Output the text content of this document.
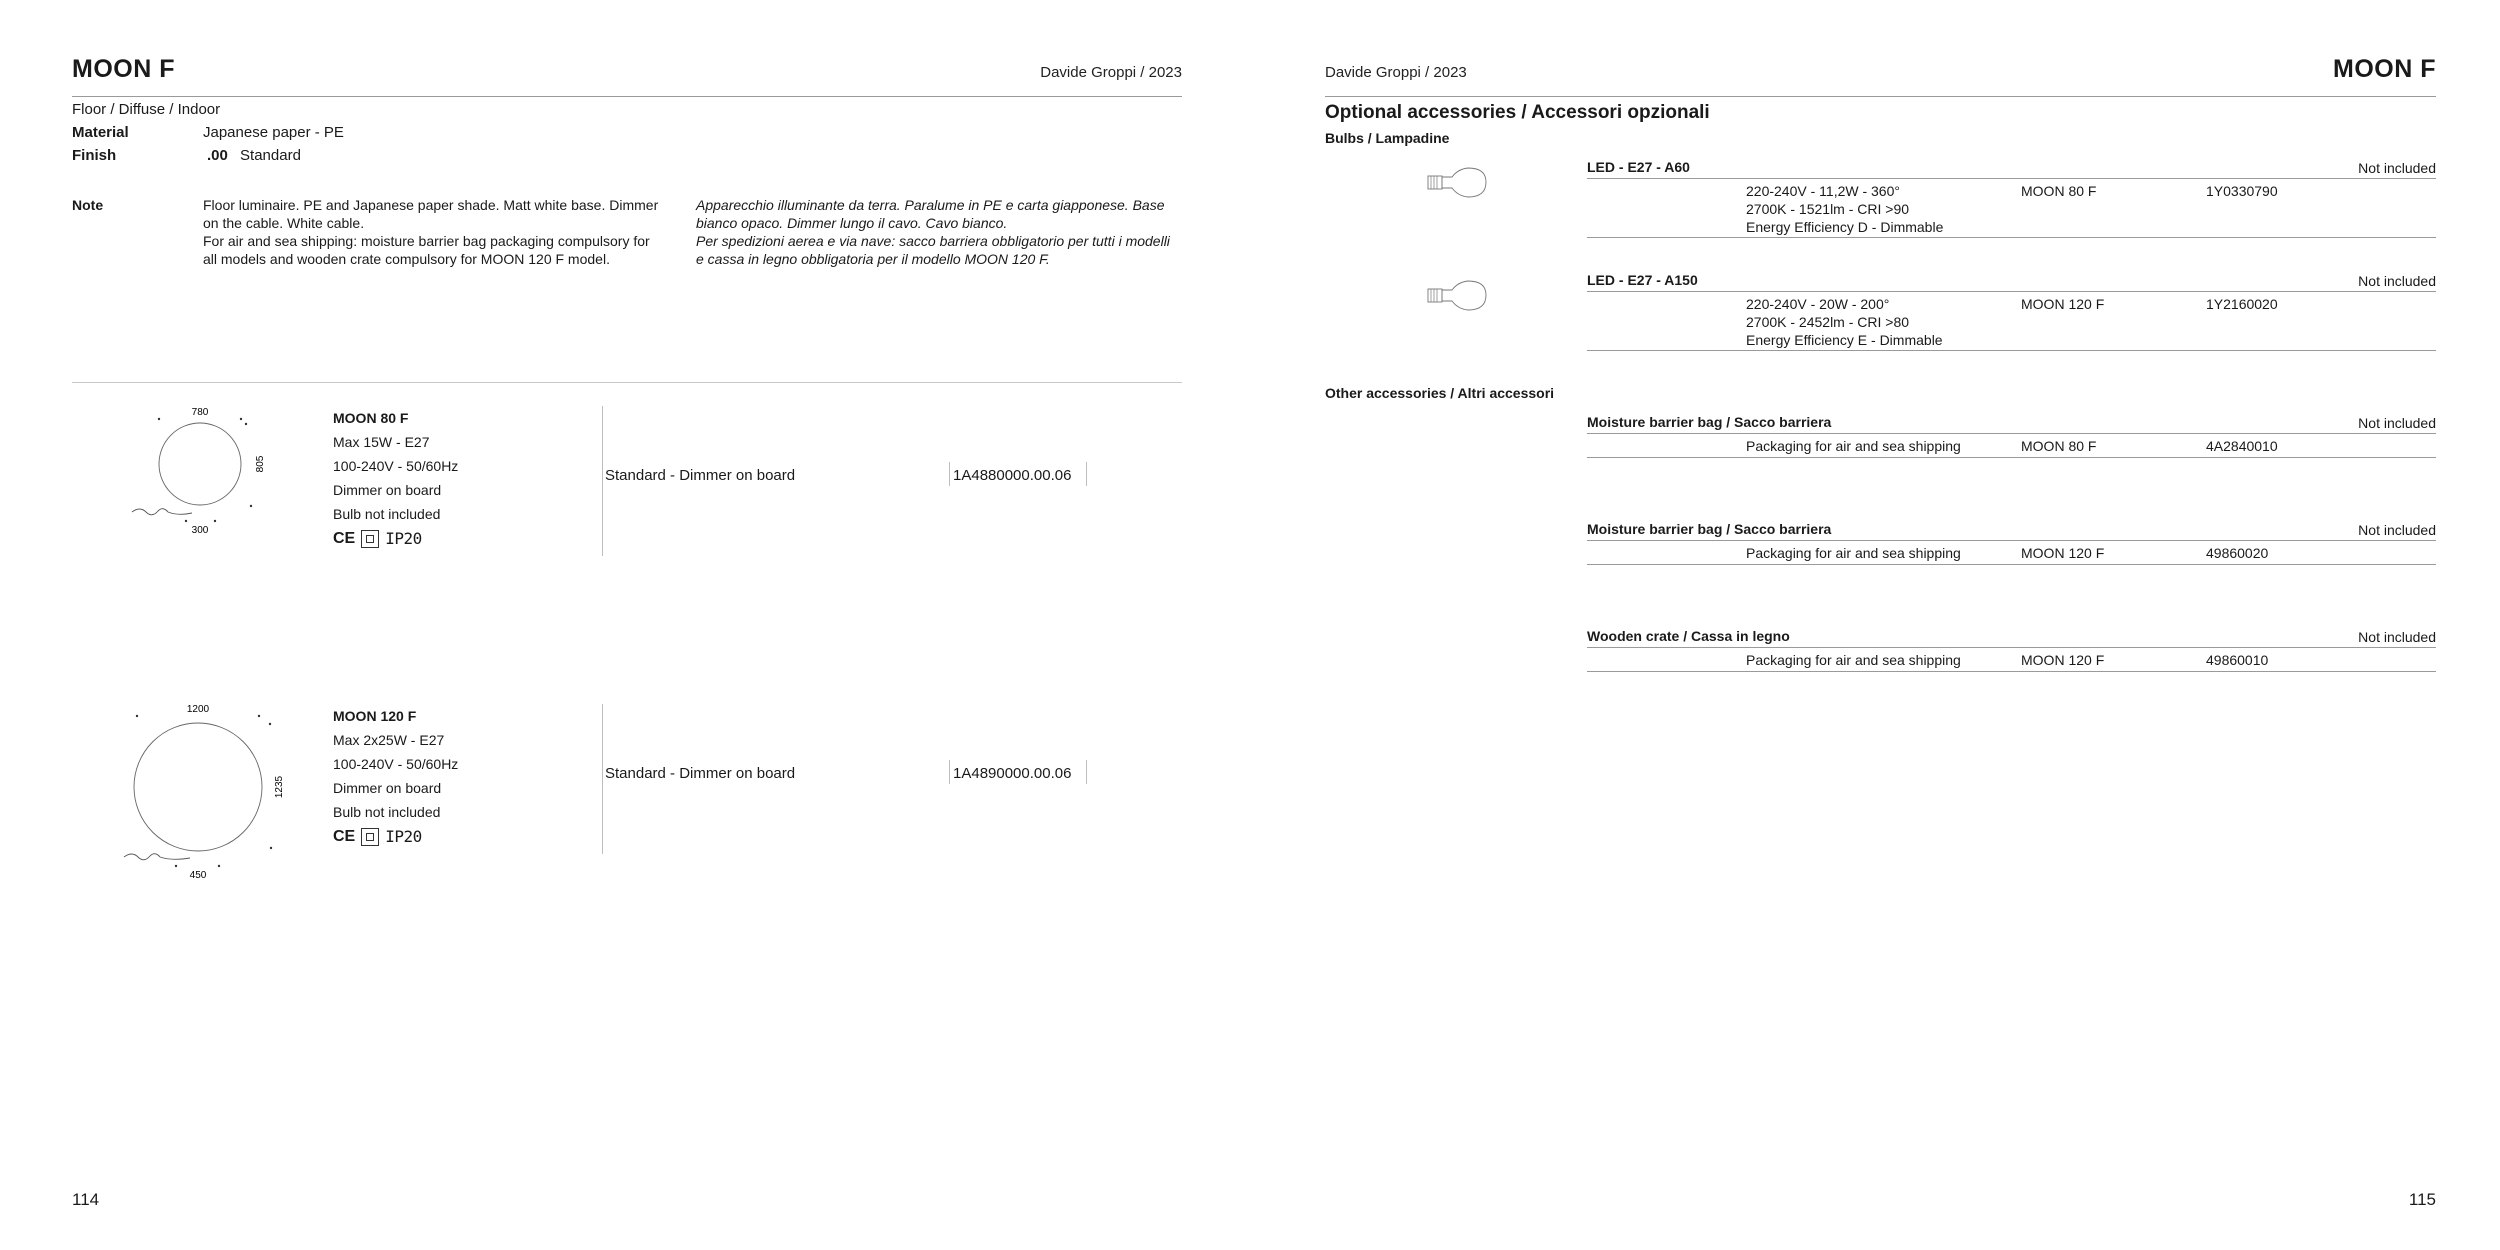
MOON F	Davide Groppi / 2023
Floor / Diffuse / Indoor
Material	Japanese paper - PE
Finish	.00 Standard
Note	Floor luminaire. PE and Japanese paper shade. Matt white base. Dimmer
on the cable. White cable.
For air and sea shipping: moisture barrier bag packaging compulsory for
all models and wooden crate compulsory for MOON 120 F model.
Apparecchio illuminante da terra. Paralume in PE e carta giapponese. Base
bianco opaco. Dimmer lungo il cavo. Cavo bianco.
Per spedizioni aerea e via nave: sacco barriera obbligatorio per tutti i modelli
e cassa in legno obbligatoria per il modello MOON 120 F.
780
805
300
MOON 80 F
Max 15W - E27
100-240V - 50/60Hz
Dimmer on board
Bulb not included
CE IP20
Standard - Dimmer on board	1A4880000.00.06
1200
1235
450
MOON 120 F
Max 2x25W - E27
100-240V - 50/60Hz
Dimmer on board
Bulb not included
CE IP20
Standard - Dimmer on board	1A4890000.00.06
114
Davide Groppi / 2023	MOON F
Optional accessories / Accessori opzionali
Bulbs / Lampadine
LED - E27 - A60	Not included
220-240V - 11,2W - 360°
2700K - 1521lm - CRI >90
Energy Efficiency D - Dimmable
MOON 80 F	1Y0330790
LED - E27 - A150	Not included
220-240V - 20W - 200°
2700K - 2452lm - CRI >80
Energy Efficiency E - Dimmable
MOON 120 F	1Y2160020
Other accessories / Altri accessori
Moisture barrier bag / Sacco barriera	Not included
Packaging for air and sea shipping	MOON 80 F	4A2840010
Moisture barrier bag / Sacco barriera	Not included
Packaging for air and sea shipping	MOON 120 F	49860020
Wooden crate / Cassa in legno	Not included
Packaging for air and sea shipping	MOON 120 F	49860010
115
